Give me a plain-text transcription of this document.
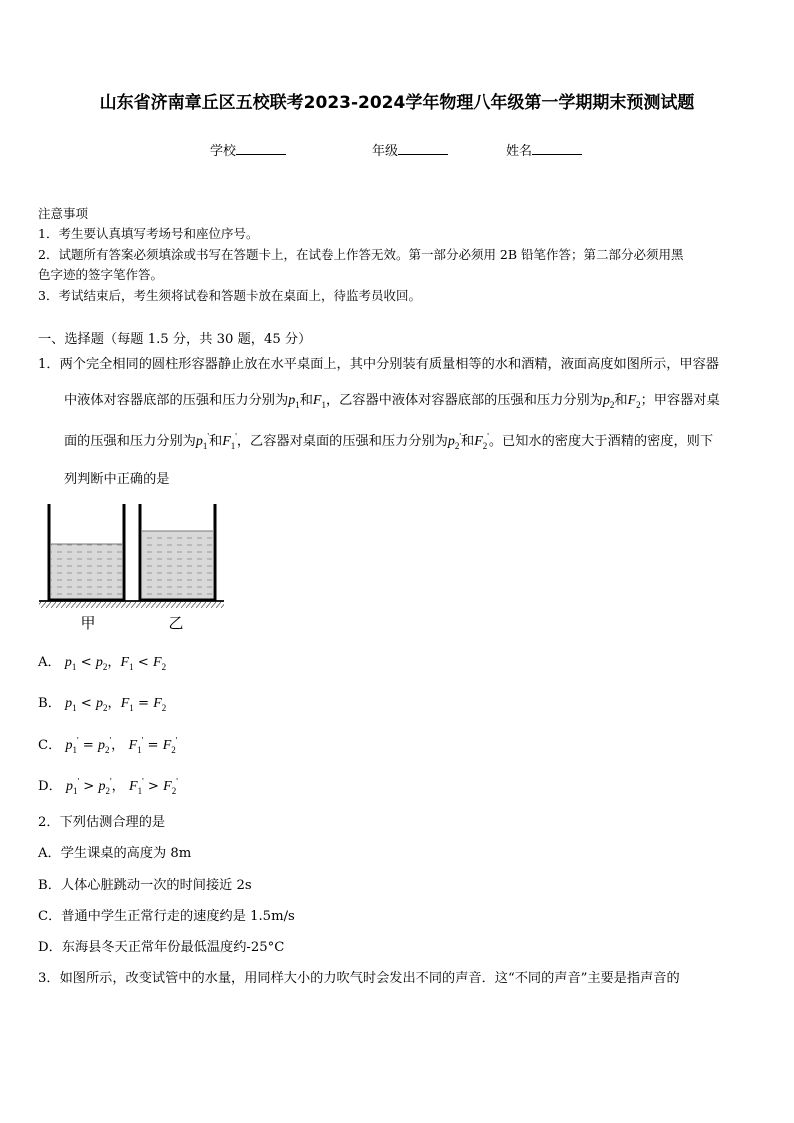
山东省济南章丘区五校联考2023-2024学年物理八年级第一学期期末预测试题
学校	年级	姓名
注意事项
1．考生要认真填写考场号和座位序号。
2．试题所有答案必须填涂或书写在答题卡上，在试卷上作答无效。第一部分必须用 2B 铅笔作答；第二部分必须用黑
色字迹的签字笔作答。
3．考试结束后，考生须将试卷和答题卡放在桌面上，待监考员收回。
一、选择题（每题 1.5 分，共 30 题，45 分）
1．两个完全相同的圆柱形容器静止放在水平桌面上，其中分别装有质量相等的水和酒精，液面高度如图所示，甲容器
中液体对容器底部的压强和压力分别为$p_1$和$F_1$，乙容器中液体对容器底部的压强和压力分别为$p_2$和$F_2$；甲容器对桌
面的压强和压力分别为$p_1'$和$F_1'$，乙容器对桌面的压强和压力分别为$p_2'$和$F_2'$。已知水的密度大于酒精的密度，则下
列判断中正确的是
甲	乙
A． $p_1 < p_2$，$F_1 < F_2$
B． $p_1 < p_2$，$F_1 = F_2$
C． $p_1' = p_2'$， $F_1' = F_2'$
D． $p_1' > p_2'$， $F_1' > F_2'$
2．下列估测合理的是
A．学生课桌的高度为 8m
B．人体心脏跳动一次的时间接近 2s
C．普通中学生正常行走的速度约是 1.5m/s
D．东海县冬天正常年份最低温度约-25°C
3．如图所示，改变试管中的水量，用同样大小的力吹气时会发出不同的声音．这“不同的声音”主要是指声音的
